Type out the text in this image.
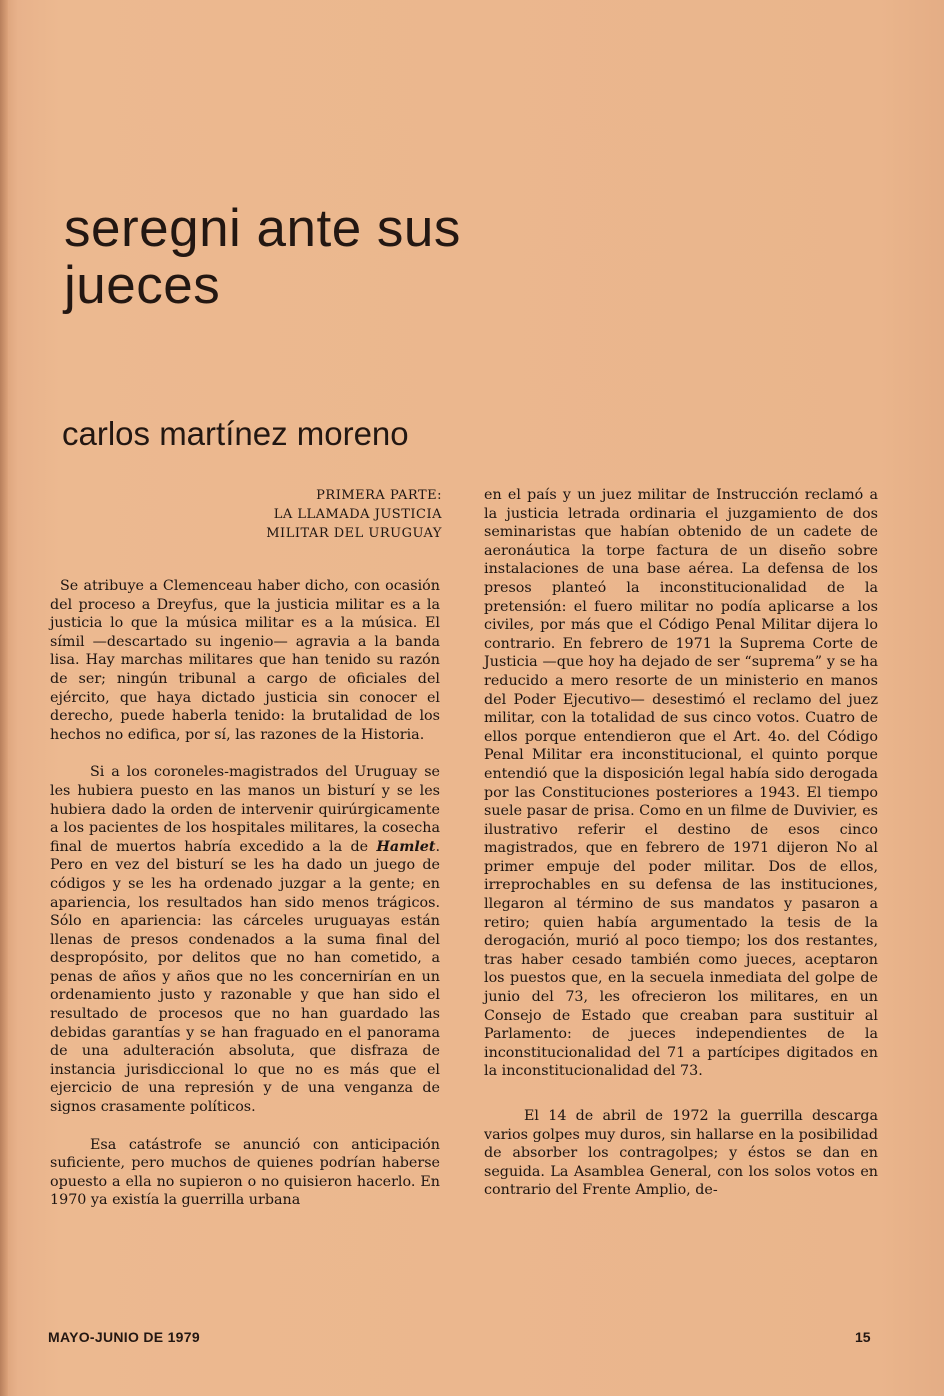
seregni ante sus
jueces
carlos martínez moreno
PRIMERA PARTE:
LA LLAMADA JUSTICIA
MILITAR DEL URUGUAY

Se atribuye a Clemenceau haber dicho, con ocasión del proceso a Dreyfus, que la justicia militar es a la justicia lo que la música militar es a la música. El símil —descartado su ingenio— agravia a la banda lisa. Hay marchas militares que han tenido su razón de ser; ningún tribunal a cargo de oficiales del ejército, que haya dictado justicia sin conocer el derecho, puede haberla tenido: la brutalidad de los hechos no edifica, por sí, las razones de la Historia.

Si a los coroneles-magistrados del Uruguay se les hubiera puesto en las manos un bisturí y se les hubiera dado la orden de intervenir quirúrgicamente a los pacientes de los hospitales militares, la cosecha final de muertos habría excedido a la de Hamlet. Pero en vez del bisturí se les ha dado un juego de códigos y se les ha ordenado juzgar a la gente; en apariencia, los resultados han sido menos trágicos. Sólo en apariencia: las cárceles uruguayas están llenas de presos condenados a la suma final del despropósito, por delitos que no han cometido, a penas de años y años que no les concernirían en un ordenamiento justo y razonable y que han sido el resultado de procesos que no han guardado las debidas garantías y se han fraguado en el panorama de una adulteración absoluta, que disfraza de instancia jurisdiccional lo que no es más que el ejercicio de una represión y de una venganza de signos crasamente políticos.

Esa catástrofe se anunció con anticipación suficiente, pero muchos de quienes podrían haberse opuesto a ella no supieron o no quisieron hacerlo. En 1970 ya existía la guerrilla urbana

en el país y un juez militar de Instrucción reclamó a la justicia letrada ordinaria el juzgamiento de dos seminaristas que habían obtenido de un cadete de aeronáutica la torpe factura de un diseño sobre instalaciones de una base aérea. La defensa de los presos planteó la inconstitucionalidad de la pretensión: el fuero militar no podía aplicarse a los civiles, por más que el Código Penal Militar dijera lo contrario. En febrero de 1971 la Suprema Corte de Justicia —que hoy ha dejado de ser “suprema” y se ha reducido a mero resorte de un ministerio en manos del Poder Ejecutivo— desestimó el reclamo del juez militar, con la totalidad de sus cinco votos. Cuatro de ellos porque entendieron que el Art. 4o. del Código Penal Militar era inconstitucional, el quinto porque entendió que la disposición legal había sido derogada por las Constituciones posteriores a 1943. El tiempo suele pasar de prisa. Como en un filme de Duvivier, es ilustrativo referir el destino de esos cinco magistrados, que en febrero de 1971 dijeron No al primer empuje del poder militar. Dos de ellos, irreprochables en su defensa de las instituciones, llegaron al término de sus mandatos y pasaron a retiro; quien había argumentado la tesis de la derogación, murió al poco tiempo; los dos restantes, tras haber cesado también como jueces, aceptaron los puestos que, en la secuela inmediata del golpe de junio del 73, les ofrecieron los militares, en un Consejo de Estado que creaban para sustituir al Parlamento: de jueces independientes de la inconstitucionalidad del 71 a partícipes digitados en la inconstitucionalidad del 73.

El 14 de abril de 1972 la guerrilla descarga varios golpes muy duros, sin hallarse en la posibilidad de absorber los contragolpes; y éstos se dan en seguida. La Asamblea General, con los solos votos en contrario del Frente Amplio, de-

MAYO-JUNIO DE 1979	15
